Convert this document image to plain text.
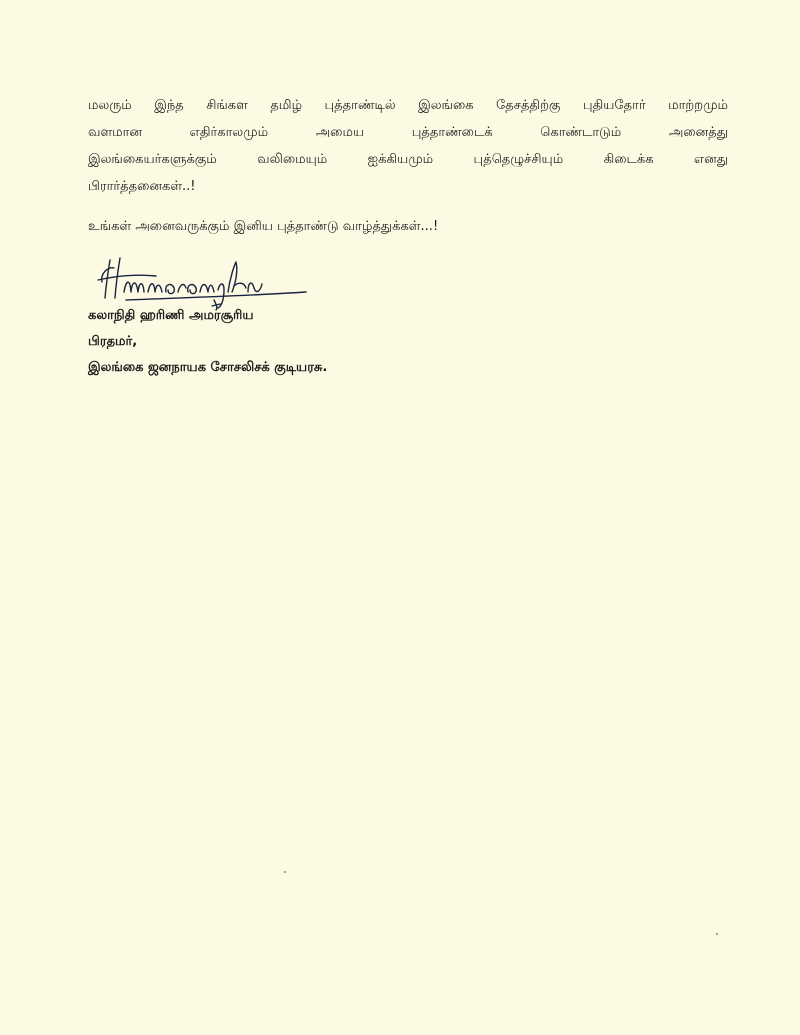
மலரும் இந்த சிங்கள தமிழ் புத்தாண்டில் இலங்கை தேசத்திற்கு புதியதோர் மாற்றமும்
வளமான எதிர்காலமும் அமைய புத்தாண்டைக் கொண்டாடும் அனைத்து
இலங்கையர்களுக்கும் வலிமையும் ஐக்கியமும் புத்தெழுச்சியும் கிடைக்க எனது
பிரார்த்தனைகள்..!
உங்கள் அனைவருக்கும் இனிய புத்தாண்டு வாழ்த்துக்கள்...!
கலாநிதி ஹரிணி அமரசூரிய
பிரதமர்,
இலங்கை ஜனநாயக சோசலிசக் குடியரசு.
